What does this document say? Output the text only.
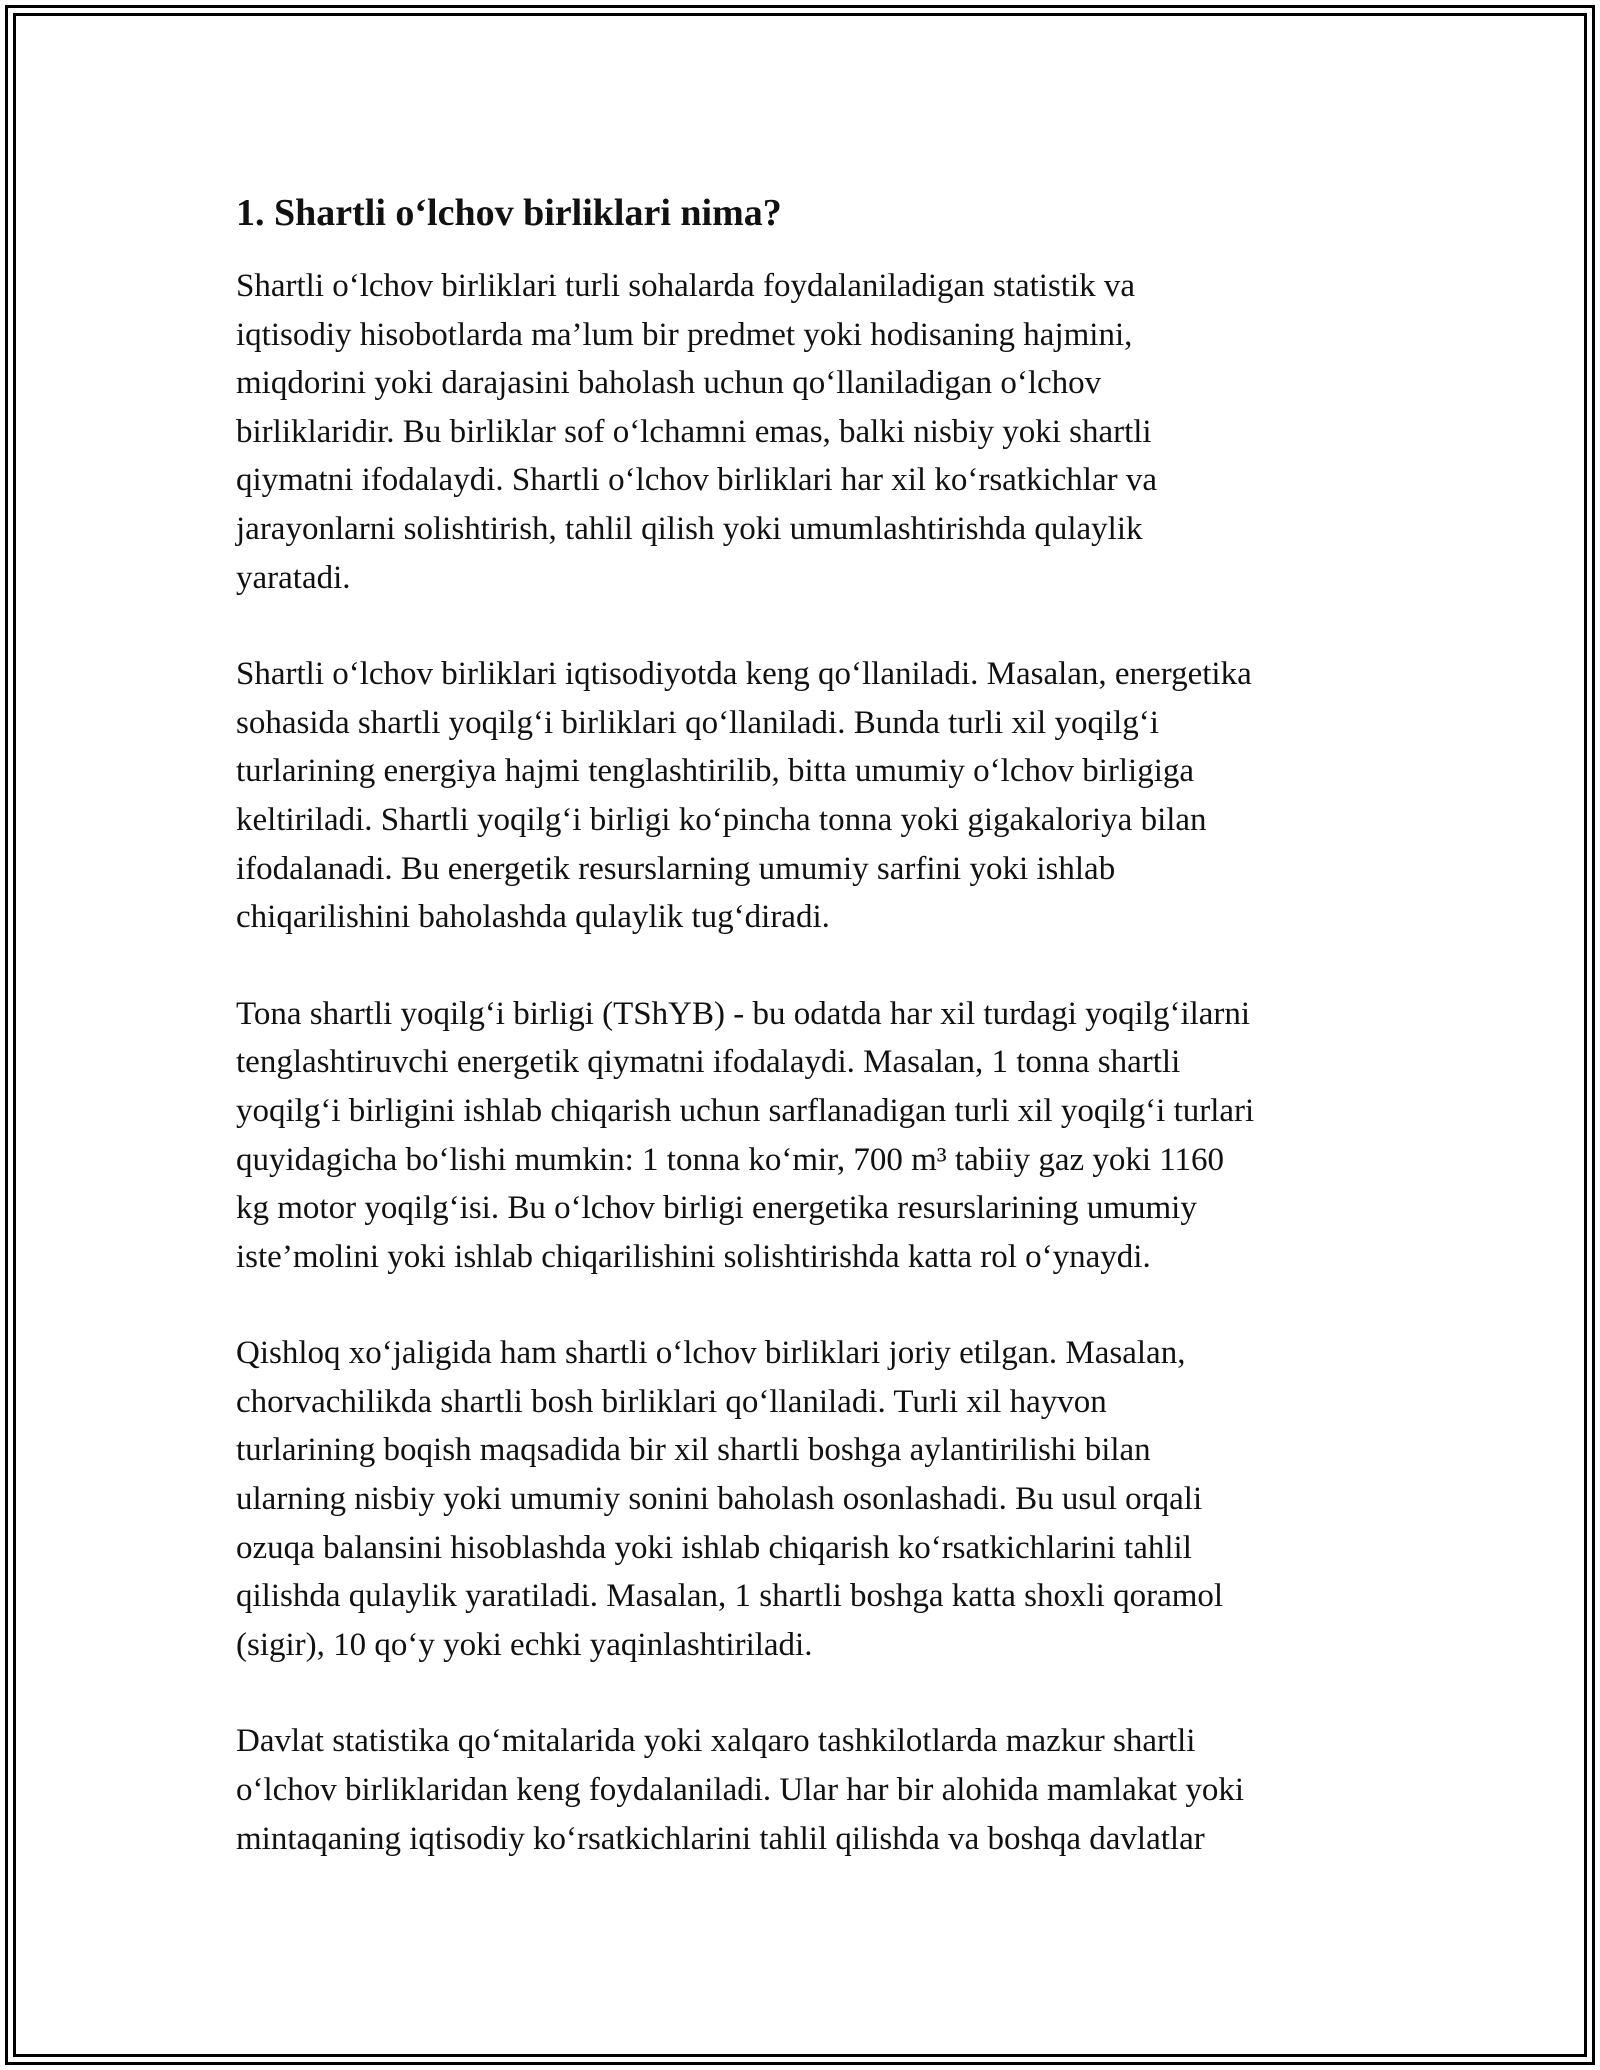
1. Shartli o‘lchov birliklari nima?

Shartli o‘lchov birliklari turli sohalarda foydalaniladigan statistik va
iqtisodiy hisobotlarda ma’lum bir predmet yoki hodisaning hajmini,
miqdorini yoki darajasini baholash uchun qo‘llaniladigan o‘lchov
birliklaridir. Bu birliklar sof o‘lchamni emas, balki nisbiy yoki shartli
qiymatni ifodalaydi. Shartli o‘lchov birliklari har xil ko‘rsatkichlar va
jarayonlarni solishtirish, tahlil qilish yoki umumlashtirishda qulaylik
yaratadi.

Shartli o‘lchov birliklari iqtisodiyotda keng qo‘llaniladi. Masalan, energetika
sohasida shartli yoqilg‘i birliklari qo‘llaniladi. Bunda turli xil yoqilg‘i
turlarining energiya hajmi tenglashtirilib, bitta umumiy o‘lchov birligiga
keltiriladi. Shartli yoqilg‘i birligi ko‘pincha tonna yoki gigakaloriya bilan
ifodalanadi. Bu energetik resurslarning umumiy sarfini yoki ishlab
chiqarilishini baholashda qulaylik tug‘diradi.

Tona shartli yoqilg‘i birligi (TShYB) - bu odatda har xil turdagi yoqilg‘ilarni
tenglashtiruvchi energetik qiymatni ifodalaydi. Masalan, 1 tonna shartli
yoqilg‘i birligini ishlab chiqarish uchun sarflanadigan turli xil yoqilg‘i turlari
quyidagicha bo‘lishi mumkin: 1 tonna ko‘mir, 700 m³ tabiiy gaz yoki 1160
kg motor yoqilg‘isi. Bu o‘lchov birligi energetika resurslarining umumiy
iste’molini yoki ishlab chiqarilishini solishtirishda katta rol o‘ynaydi.

Qishloq xo‘jaligida ham shartli o‘lchov birliklari joriy etilgan. Masalan,
chorvachilikda shartli bosh birliklari qo‘llaniladi. Turli xil hayvon
turlarining boqish maqsadida bir xil shartli boshga aylantirilishi bilan
ularning nisbiy yoki umumiy sonini baholash osonlashadi. Bu usul orqali
ozuqa balansini hisoblashda yoki ishlab chiqarish ko‘rsatkichlarini tahlil
qilishda qulaylik yaratiladi. Masalan, 1 shartli boshga katta shoxli qoramol
(sigir), 10 qo‘y yoki echki yaqinlashtiriladi.

Davlat statistika qo‘mitalarida yoki xalqaro tashkilotlarda mazkur shartli
o‘lchov birliklaridan keng foydalaniladi. Ular har bir alohida mamlakat yoki
mintaqaning iqtisodiy ko‘rsatkichlarini tahlil qilishda va boshqa davlatlar
